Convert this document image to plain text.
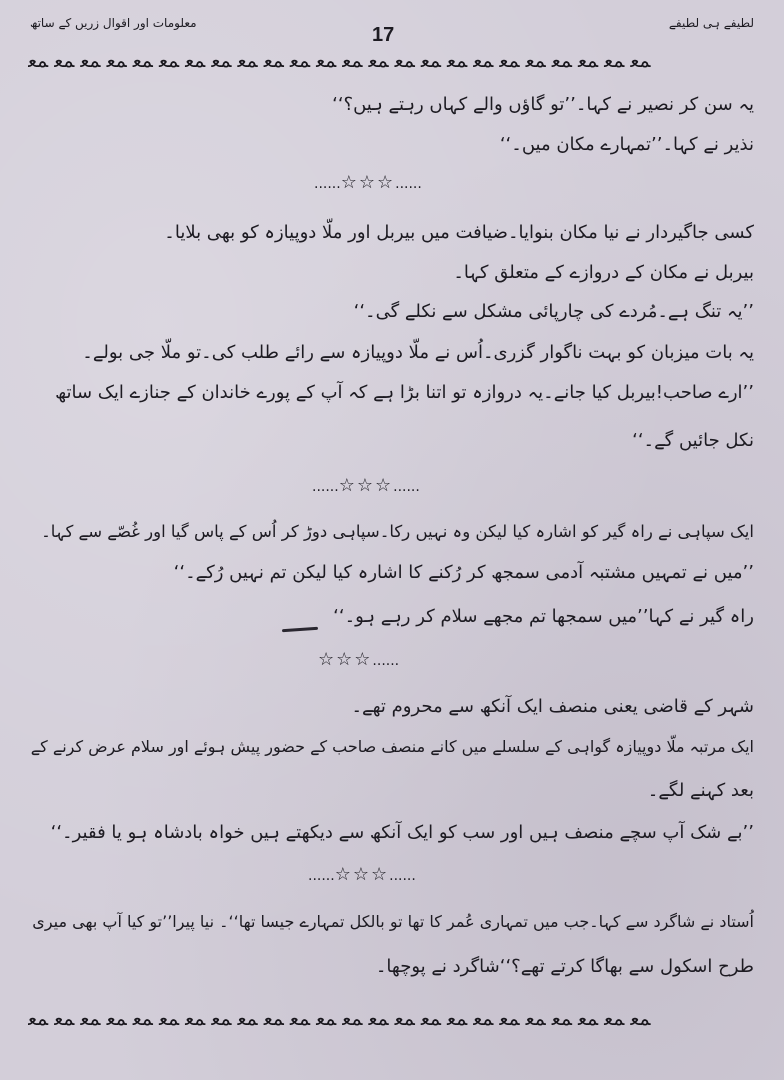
لطیفے ہی لطیفے
17
معلومات اور اقوال زریں کے ساتھ
ﻤﻌ ﻤﻌ ﻤﻌ ﻤﻌ ﻤﻌ ﻤﻌ ﻤﻌ ﻤﻌ ﻤﻌ ﻤﻌ ﻤﻌ ﻤﻌ ﻤﻌ ﻤﻌ ﻤﻌ ﻤﻌ ﻤﻌ ﻤﻌ ﻤﻌ ﻤﻌ ﻤﻌ ﻤﻌ ﻤﻌ ﻤﻌ
یہ سن کر نصیر نے کہا۔’’تو گاؤں والے کہاں رہتے ہیں؟‘‘
نذیر نے کہا۔’’تمہارے مکان میں۔‘‘
......☆☆☆......
کسی جاگیردار نے نیا مکان بنوایا۔ضیافت میں بیربل اور ملّا دوپیازہ کو بھی بلایا۔
بیربل نے مکان کے دروازے کے متعلق کہا۔
’’یہ تنگ ہے۔مُردے کی چارپائی مشکل سے نکلے گی۔‘‘
یہ بات میزبان کو بہت ناگوار گزری۔اُس نے ملّا دوپیازہ سے رائے طلب کی۔تو ملّا جی بولے۔
’’ارے صاحب!بیربل کیا جانے۔یہ دروازہ تو اتنا بڑا ہے کہ آپ کے پورے خاندان کے جنازے ایک ساتھ
نکل جائیں گے۔‘‘
......☆☆☆......
ایک سپاہی نے راہ گیر کو اشارہ کیا لیکن وہ نہیں رکا۔سپاہی دوڑ کر اُس کے پاس گیا اور غُصّے سے کہا۔
’’میں نے تمہیں مشتبہ آدمی سمجھ کر رُکنے کا اشارہ کیا لیکن تم نہیں رُکے۔‘‘
راہ گیر نے کہا’’میں سمجھا تم مجھے سلام کر رہے ہو۔‘‘
☆☆☆......
شہر کے قاضی یعنی منصف ایک آنکھ سے محروم تھے۔
ایک مرتبہ ملّا دوپیازہ گواہی کے سلسلے میں کانے منصف صاحب کے حضور پیش ہوئے اور سلام عرض کرنے کے
بعد کہنے لگے۔
’’بے شک آپ سچے منصف ہیں اور سب کو ایک آنکھ سے دیکھتے ہیں خواہ بادشاہ ہو یا فقیر۔‘‘
......☆☆☆......
اُستاد نے شاگرد سے کہا۔جب میں تمہاری عُمر کا تھا تو بالکل تمہارے جیسا تھا‘‘۔ نیا پیرا’’تو کیا آپ بھی میری
طرح اسکول سے بھاگا کرتے تھے؟‘‘شاگرد نے پوچھا۔
ﻤﻌ ﻤﻌ ﻤﻌ ﻤﻌ ﻤﻌ ﻤﻌ ﻤﻌ ﻤﻌ ﻤﻌ ﻤﻌ ﻤﻌ ﻤﻌ ﻤﻌ ﻤﻌ ﻤﻌ ﻤﻌ ﻤﻌ ﻤﻌ ﻤﻌ ﻤﻌ ﻤﻌ ﻤﻌ ﻤﻌ ﻤﻌ
